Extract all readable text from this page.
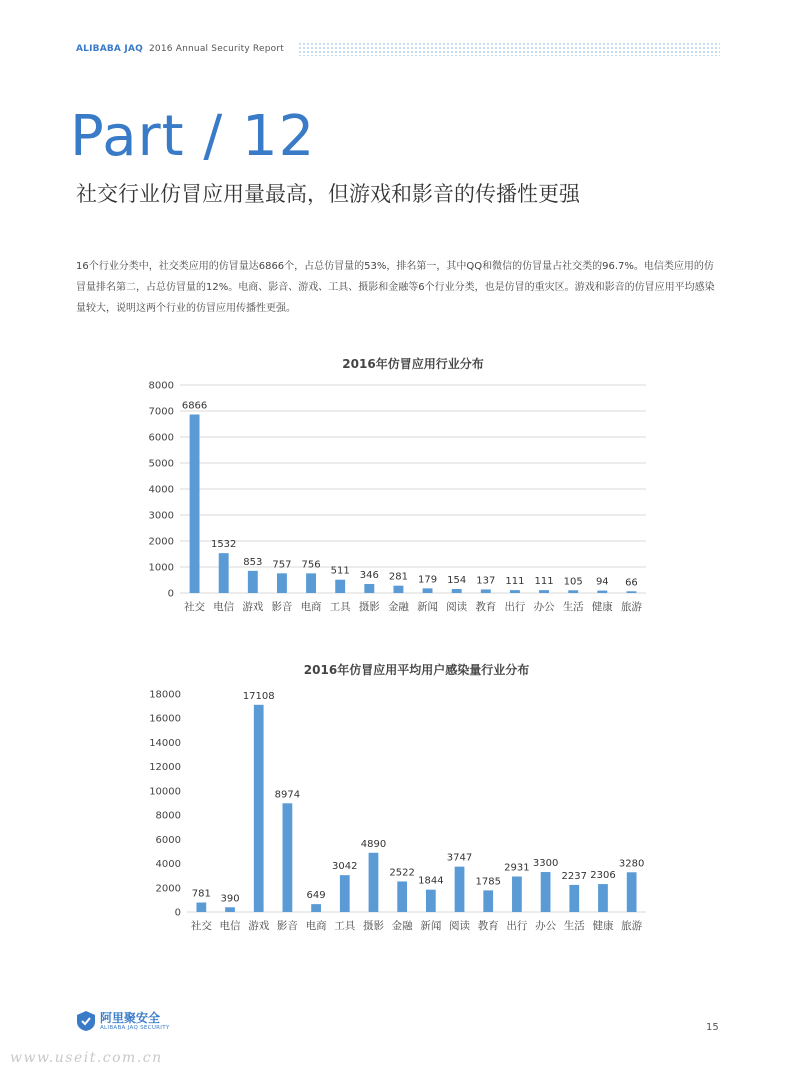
ALIBABA JAQ 2016 Annual Security Report
Part / 12
社交行业仿冒应用量最高，但游戏和影音的传播性更强

16个行业分类中，社交类应用的仿冒量达6866个，占总仿冒量的53%，排名第一，其中QQ和微信的仿冒量占社交类的96.7%。电信类应用的仿冒量排名第二，占总仿冒量的12%。电商、影音、游戏、工具、摄影和金融等6个行业分类，也是仿冒的重灾区。游戏和影音的仿冒应用平均感染量较大，说明这两个行业的仿冒应用传播性更强。

2016年仿冒应用行业分布
0
1000
2000
3000
4000
5000
6000
7000
8000
6866
社交
1532
电信
853
游戏
757
影音
756
电商
511
工具
346
摄影
281
金融
179
新闻
154
阅读
137
教育
111
出行
111
办公
105
生活
94
健康
66
旅游
2016年仿冒应用平均用户感染量行业分布
0
2000
4000
6000
8000
10000
12000
14000
16000
18000
781
社交
390
电信
17108
游戏
8974
影音
649
电商
3042
工具
4890
摄影
2522
金融
1844
新闻
3747
阅读
1785
教育
2931
出行
3300
办公
2237
生活
2306
健康
3280
旅游
阿里聚安全
ALIBABA JAQ SECURITY	15
www.useit.com.cn
